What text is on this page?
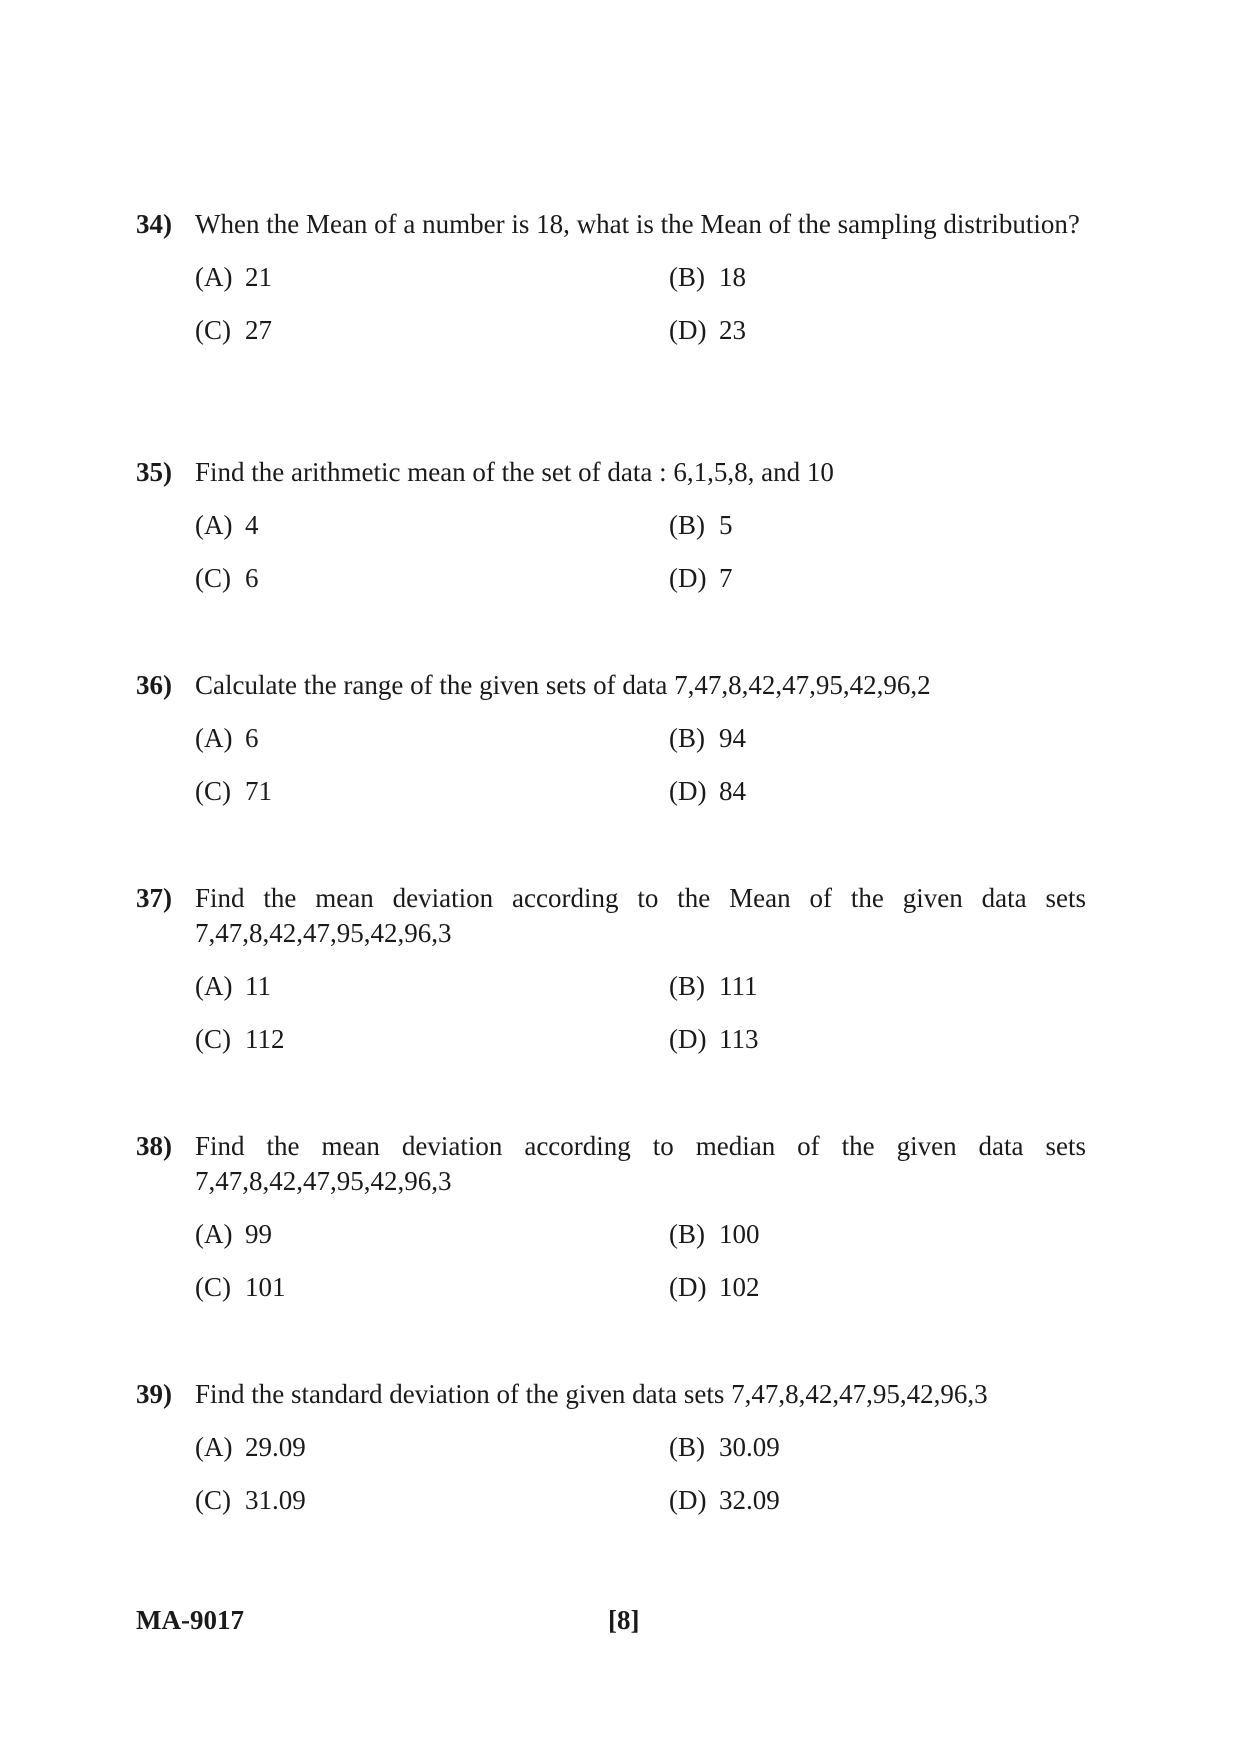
34) When the Mean of a number is 18, what is the Mean of the sampling distribution?
(A) 21	(B) 18
(C) 27	(D) 23
35) Find the arithmetic mean of the set of data : 6,1,5,8, and 10
(A) 4	(B) 5
(C) 6	(D) 7
36) Calculate the range of the given sets of data 7,47,8,42,47,95,42,96,2
(A) 6	(B) 94
(C) 71	(D) 84
37) Find the mean deviation according to the Mean of the given data sets 7,47,8,42,47,95,42,96,3
(A) 11	(B) 111
(C) 112	(D) 113
38) Find the mean deviation according to median of the given data sets 7,47,8,42,47,95,42,96,3
(A) 99	(B) 100
(C) 101	(D) 102
39) Find the standard deviation of the given data sets 7,47,8,42,47,95,42,96,3
(A) 29.09	(B) 30.09
(C) 31.09	(D) 32.09
MA-9017	[8]
